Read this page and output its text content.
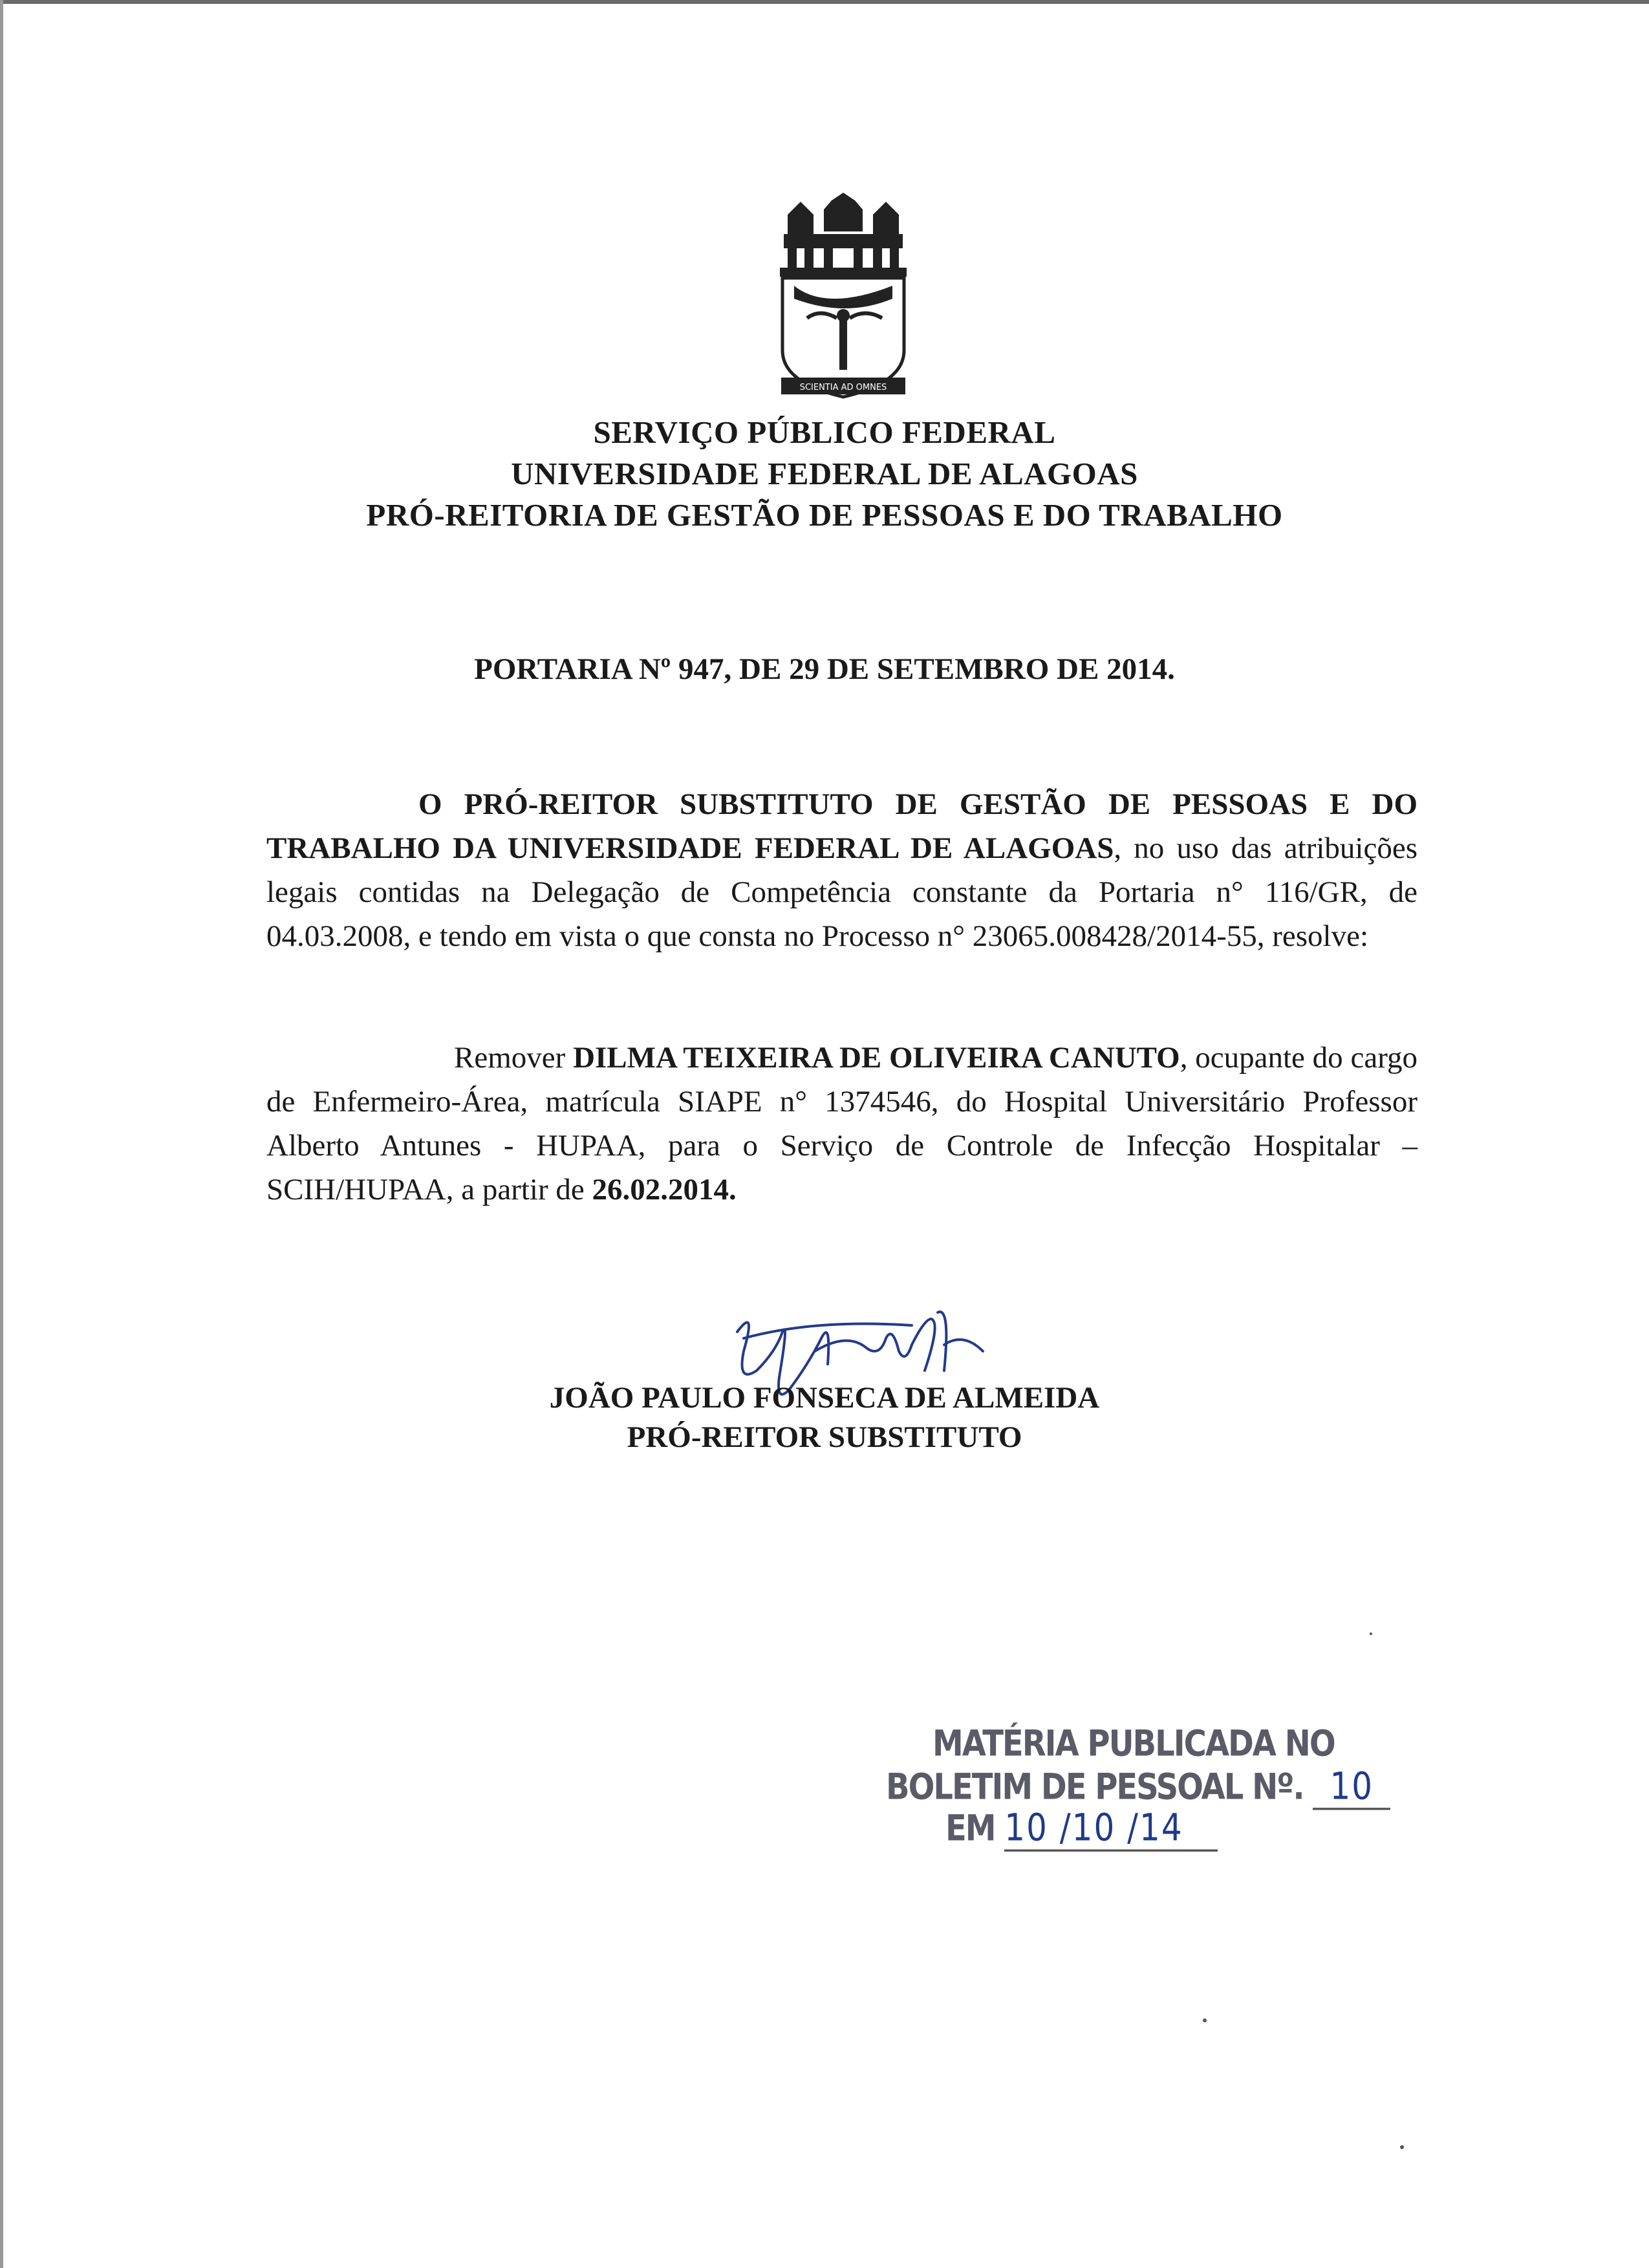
SCIENTIA AD OMNES
SERVIÇO PÚBLICO FEDERAL
UNIVERSIDADE FEDERAL DE ALAGOAS
PRÓ-REITORIA DE GESTÃO DE PESSOAS E DO TRABALHO
PORTARIA Nº 947, DE 29 DE SETEMBRO DE 2014.

O PRÓ-REITOR SUBSTITUTO DE GESTÃO DE PESSOAS E DO TRABALHO DA UNIVERSIDADE FEDERAL DE ALAGOAS, no uso das atribuições legais contidas na Delegação de Competência constante da Portaria n° 116/GR, de 04.03.2008, e tendo em vista o que consta no Processo n° 23065.008428/2014-55, resolve:

Remover DILMA TEIXEIRA DE OLIVEIRA CANUTO, ocupante do cargo de Enfermeiro-Área, matrícula SIAPE n° 1374546, do Hospital Universitário Professor Alberto Antunes - HUPAA, para o Serviço de Controle de Infecção Hospitalar – SCIH/HUPAA, a partir de 26.02.2014.

JOÃO PAULO FONSECA DE ALMEIDA
PRÓ-REITOR SUBSTITUTO
MATÉRIA PUBLICADA NO
BOLETIM DE PESSOAL Nº. 10
EM 10 /10 /14
